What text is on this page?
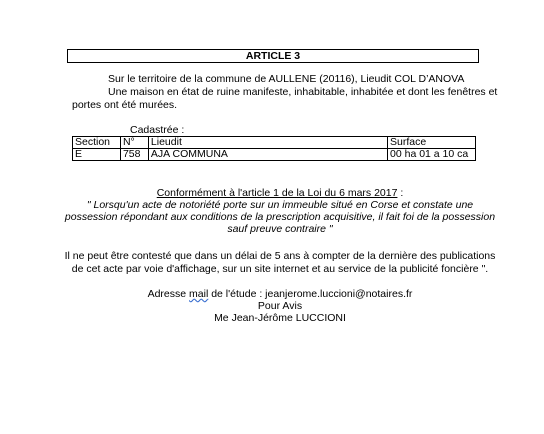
ARTICLE 3
Sur le territoire de la commune de AULLENE (20116), Lieudit COL D’ANOVA
Une maison en état de ruine manifeste, inhabitable, inhabitée et dont les fenêtres et portes ont été murées.
Cadastrée :
Section	N°	Lieudit	Surface
E	758	AJA COMMUNA	00 ha 01 a 10 ca
Conformément à l'article 1 de la Loi du 6 mars 2017 :
" Lorsqu'un acte de notoriété porte sur un immeuble situé en Corse et constate une
possession répondant aux conditions de la prescription acquisitive, il fait foi de la possession
sauf preuve contraire "
Il ne peut être contesté que dans un délai de 5 ans à compter de la dernière des publications
de cet acte par voie d'affichage, sur un site internet et au service de la publicité foncière ".
Adresse mail de l'étude : jeanjerome.luccioni@notaires.fr
Pour Avis
Me Jean-Jérôme LUCCIONI
